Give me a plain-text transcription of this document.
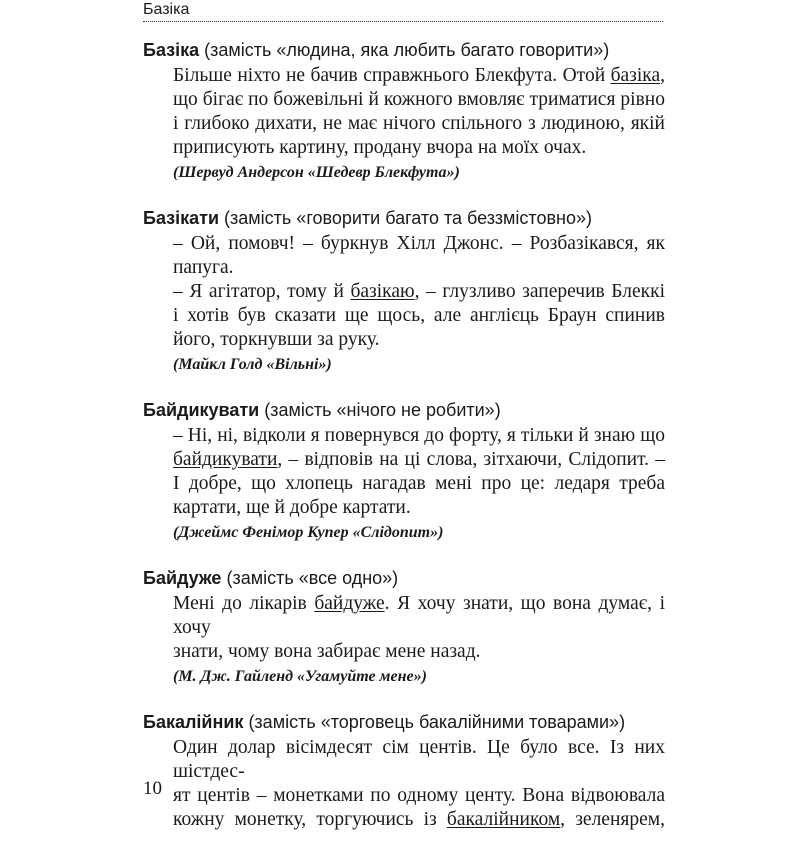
Базіка
Базіка (замість «людина, яка любить багато говорити»)
Більше ніхто не бачив справжнього Блекфута. Отой базіка,
що бігає по божевільні й кожного вмовляє триматися рівно
і глибоко дихати, не має нічого спільного з людиною, якій
приписують картину, продану вчора на моїх очах.
(Шервуд Андерсон «Шедевр Блекфута»)
Базікати (замість «говорити багато та беззмістовно»)
– Ой, помовч! – буркнув Хілл Джонс. – Розбазікався, як
папуга.
– Я агітатор, тому й базікаю, – глузливо заперечив Блеккі
і хотів був сказати ще щось, але англієць Браун спинив
його, торкнувши за руку.
(Майкл Голд «Вільні»)
Байдикувати (замість «нічого не робити»)
– Ні, ні, відколи я повернувся до форту, я тільки й знаю що
байдикувати, – відповів на ці слова, зітхаючи, Слідопит. –
І добре, що хлопець нагадав мені про це: ледаря треба
картати, ще й добре картати.
(Джеймс Фенімор Купер «Слідопит»)
Байдуже (замість «все одно»)
Мені до лікарів байдуже. Я хочу знати, що вона думає, і хочу
знати, чому вона забирає мене назад.
(М. Дж. Гайленд «Угамуйте мене»)
Бакалійник (замість «торговець бакалійними товарами»)
Один долар вісімдесят сім центів. Це було все. Із них шістдес-
ят центів – монетками по одному центу. Вона відвоювала
кожну монетку, торгуючись із бакалійником, зеленярем,
10
